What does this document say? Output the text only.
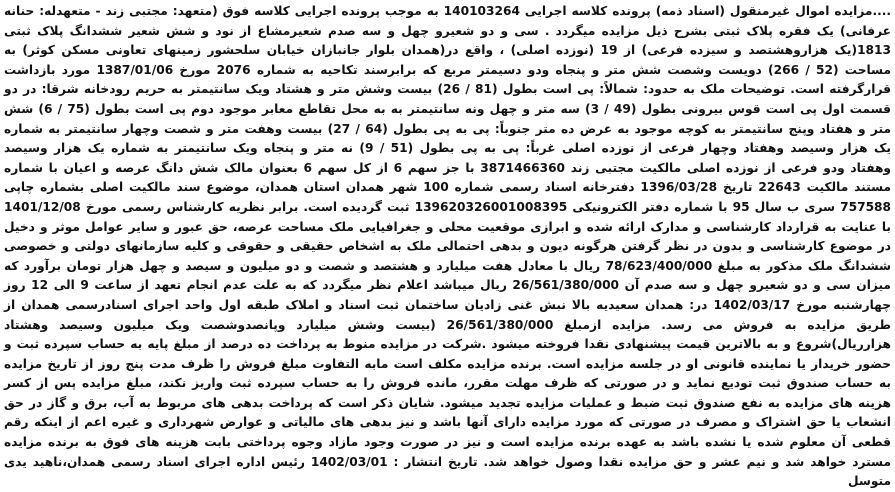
....مزایده اموال غیرمنقول (اسناد ذمه) پرونده کلاسه اجرایی 140103264 به موجب پرونده اجرایی کلاسه فوق (متعهد: مجتبی زند - متعهدله: حنانه عرفانی) یک فقره پلاک ثبتی بشرح ذیل مزایده میگردد . سی و دو شعیرو چهل و سه صدم شعیرمشاع از نود و شش شعیر ششدانگ پلاک ثبتی 1813(یک هزاروهشتصد و سیزده فرعی) از 19 (نوزده اصلی) ، واقع در(همدان بلوار جانبازان خیابان سلحشور زمینهای تعاونی مسکن کوثر) به مساحت (52 / 266) دویست وشصت شش متر و پنجاه ودو دسیمتر مربع که برابرسند تکاحیه به شماره 2076 مورخ 1387/01/06 مورد بازداشت قرارگرفته است. توضیحات ملک به حدود: شمالاً: پی است بطول (81 / 26) بیست وشش متر و هشتاد ویک سانتیمتر به حریم رودخانه شرقا: در دو قسمت اول پی است قوس بیرونی بطول (49 / 3) سه متر و چهل ونه سانتیمتر به به محل تقاطع معابر موجود دوم پی است بطول (75 / 6) شش متر و هفتاد وپنج سانتیمتر به کوچه موجود به عرض ده متر جنوباً: پی به پی بطول (64 / 27) بیست وهفت متر و شصت وچهار سانتیمتر به شماره یک هزار وسیصد وهفتاد وچهار فرعی از نوزده اصلی غرباً: پی به پی بطول (51 / 9) نه متر و پنجاه ویک سانتیمتر به شماره یک هزار وسیصد وهفتاد ودو فرعی از نوزده اصلی مالکیت مجتبی زند 3871466360 با جز سهم 6 از کل سهم 6 بعنوان مالک شش دانگ عرصه و اعیان با شماره مستند مالکیت 22643 تاریخ 1396/03/28 دفترخانه اسناد رسمی شماره 100 شهر همدان استان همدان، موضوع سند مالکیت اصلی بشماره چاپی 757588 سری ب سال 95 با شماره دفتر الکترونیکی 139620326001008395 ثبت گردیده است. برابر نظریه کارشناس رسمی مورخ 1401/12/08 با عنایت به قرارداد کارشناسی و مدارک ارائه شده و ابرازی موقعیت محلی و جغرافیایی ملک مساحت عرصه، حق عبور و سایر عوامل موثر و دخیل در موضوع کارشناسی و بدون در نظر گرفتن هرگونه دیون و بدهی احتمالی ملک به اشخاص حقیقی و حقوقی و کلیه سازمانهای دولتی و خصوصی ششدانگ ملک مذکور به مبلغ 78/623/400/000 ریال با معادل هفت میلیارد و هشتصد و شصت و دو میلیون و سیصد و چهل هزار تومان برآورد که میزان سی و دو شعیرو چهل و سه صدم آن 26/561/380/000 ریال میباشد اعلام نظر میگردد که به علت عدم انجام تعهد از ساعت 9 الی 12 روز چهارشنبه مورخ 1402/03/17 در: همدان سعیدیه بالا نبش غنی زادیان ساختمان ثبت اسناد و املاک طبقه اول واحد اجرای اسنادرسمی همدان از طریق مزایده به فروش می رسد. مزایده ازمبلغ 26/561/380/000 (بیست وشش میلیارد وپانصدوشصت ویک میلیون وسیصد وهشتاد هزارریال)شروع و به بالاترین قیمت پیشنهادی نقدا فروخته میشود .شرکت در مزایده منوط به پرداخت ده درصد از مبلغ پایه به حساب سپرده ثبت و حضور خریدار یا نماینده قانونی او در جلسه مزایده است. برنده مزایده مکلف است مابه التفاوت مبلغ فروش را ظرف مدت پنج روز از تاریخ مزایده به حساب صندوق ثبت تودیع نماید و در صورتی که ظرف مهلت مقرر، مانده فروش را به حساب سپرده ثبت واریز نکند، مبلغ مزایده پس از کسر هزینه های مزایده به نفع صندوق ثبت ضبط و عملیات مزایده تجدید میشود. شایان ذکر است که پرداخت بدهی های مربوط به آب، برق و گاز در حق انشعاب یا حق اشتراک و مصرف در صورتی که مورد مزایده دارای آنها باشد و نیز بدهی های مالیاتی و عوارض شهرداری و غیره اعم از اینکه رقم قطعی آن معلوم شده یا نشده باشد به عهده برنده مزایده است و نیز در صورت وجود مازاد وجوه پرداختی بابت هزینه های فوق به برنده مزایده مسترد خواهد شد و نیم عشر و حق مزایده نقدا وصول خواهد شد. تاریخ انتشار : 1402/03/01 رئیس اداره اجرای اسناد رسمی همدان،ناهید یدی متوسل
